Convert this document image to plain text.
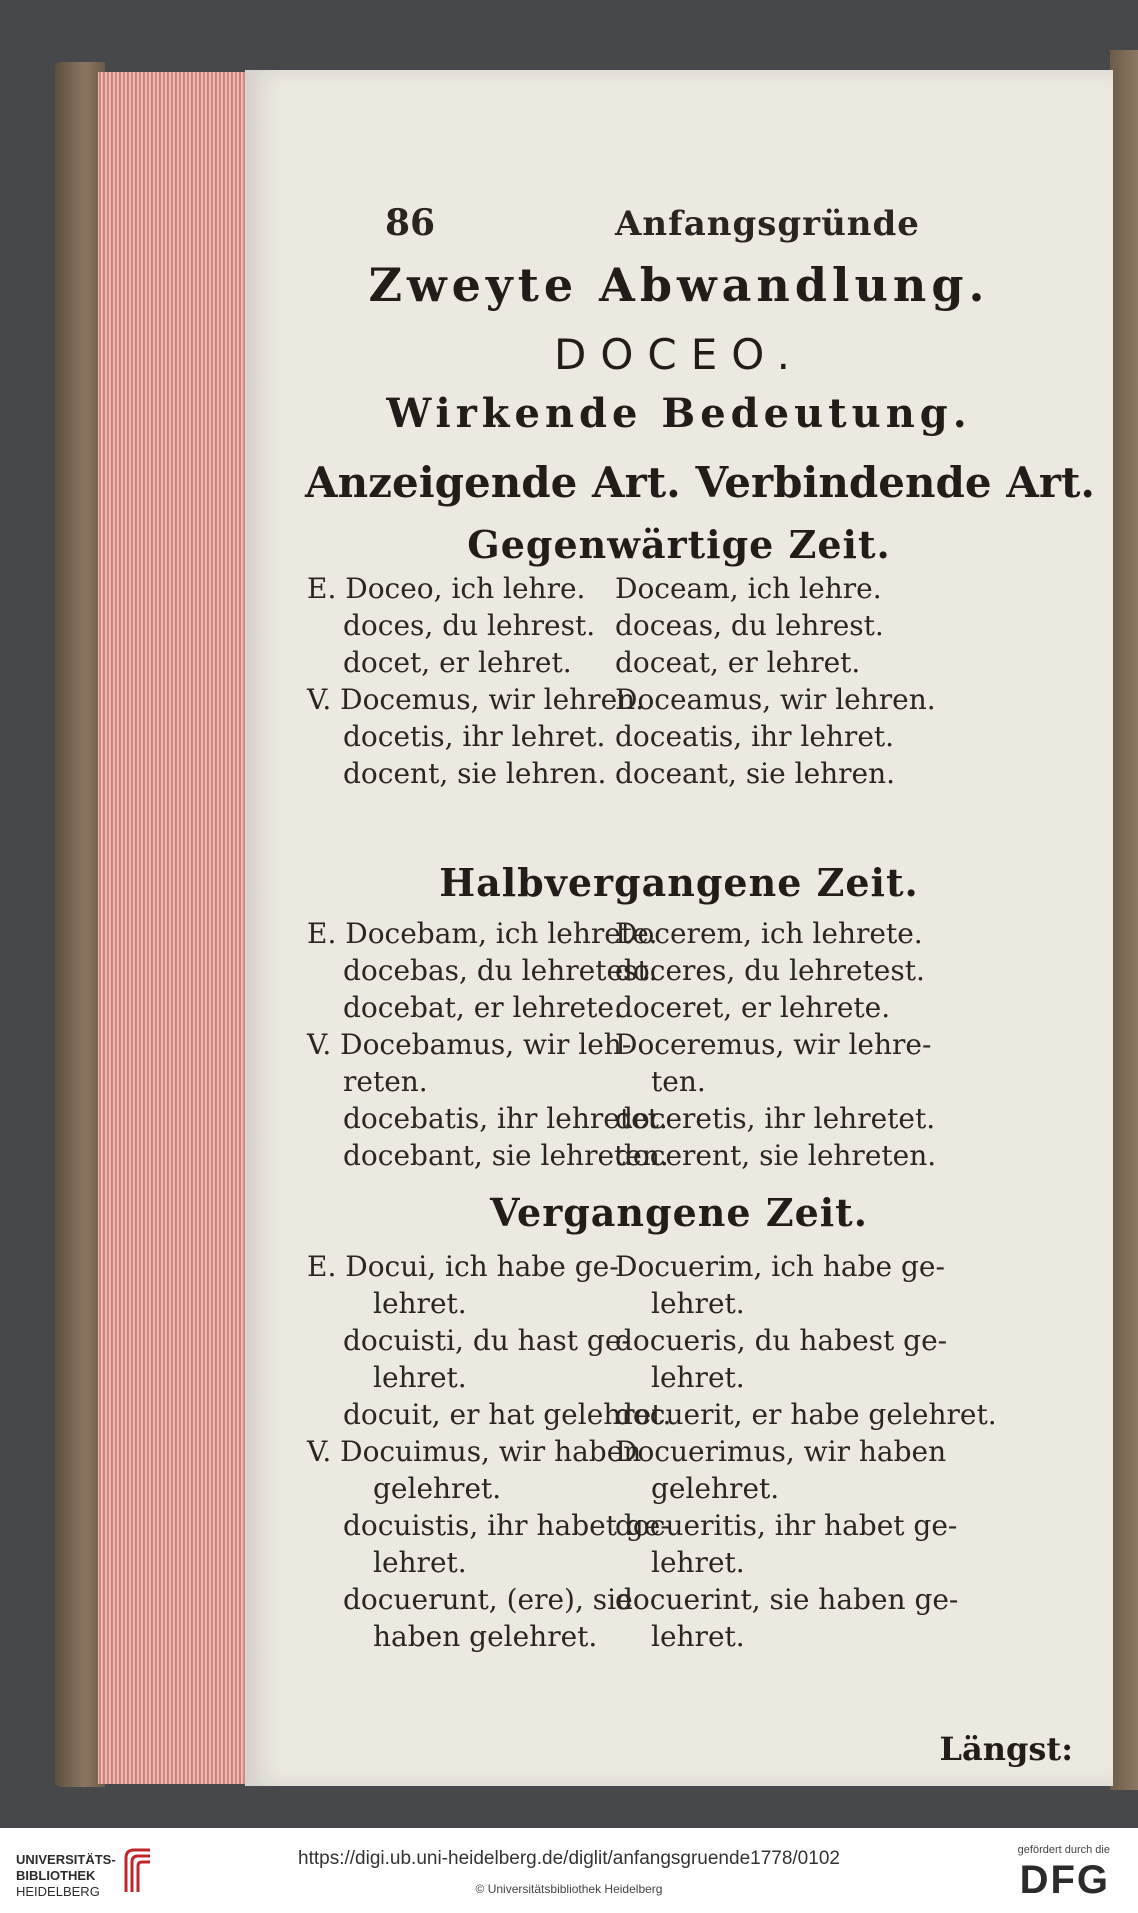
86	Anfangsgründe
Zweyte Abwandlung.
DOCEO.
Wirkende Bedeutung.
Anzeigende Art. Verbindende Art.
Gegenwärtige Zeit.
E. Doceo, ich lehre.
doces, du lehrest.
docet, er lehret.
V. Docemus, wir lehren.
docetis, ihr lehret.
docent, sie lehren.
Doceam, ich lehre.
doceas, du lehrest.
doceat, er lehret.
Doceamus, wir lehren.
doceatis, ihr lehret.
doceant, sie lehren.
Halbvergangene Zeit.
E. Docebam, ich lehrete.
docebas, du lehretest.
docebat, er lehrete.
V. Docebamus, wir leh-
reten.
docebatis, ihr lehretet.
docebant, sie lehreten.
Docerem, ich lehrete.
doceres, du lehretest.
doceret, er lehrete.
Doceremus, wir lehre-
ten.
doceretis, ihr lehretet.
docerent, sie lehreten.
Vergangene Zeit.
E. Docui, ich habe ge-
lehret.
docuisti, du hast ge-
lehret.
docuit, er hat gelehret.
V. Docuimus, wir haben
gelehret.
docuistis, ihr habet ge-
lehret.
docuerunt, (ere), sie
haben gelehret.
Docuerim, ich habe ge-
lehret.
docueris, du habest ge-
lehret.
docuerit, er habe gelehret.
Docuerimus, wir haben
gelehret.
docueritis, ihr habet ge-
lehret.
docuerint, sie haben ge-
lehret.
Längst:
UNIVERSITÄTS-
BIBLIOTHEK
HEIDELBERG
https://digi.ub.uni-heidelberg.de/diglit/anfangsgruende1778/0102
© Universitätsbibliothek Heidelberg
gefördert durch die
DFG
